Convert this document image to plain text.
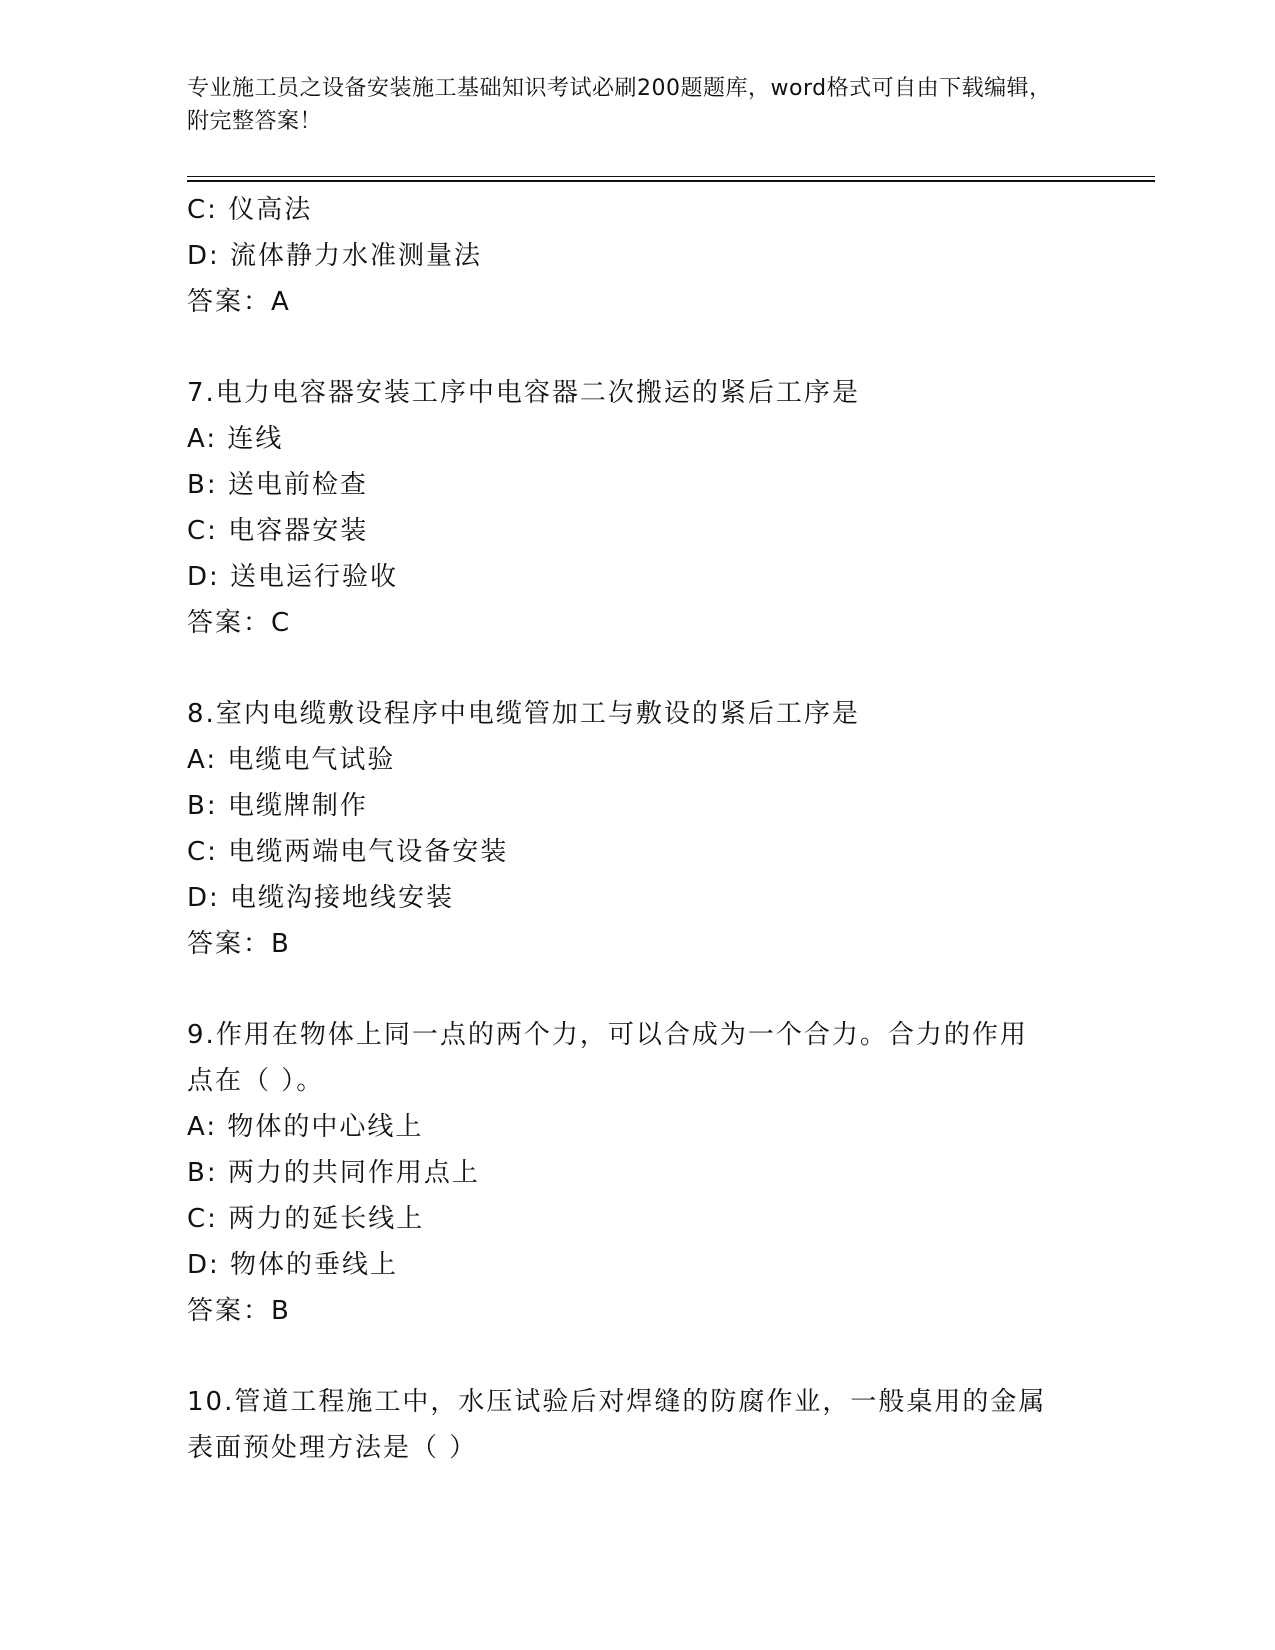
专业施工员之设备安装施工基础知识考试必刷200题题库，word格式可自由下载编辑，附完整答案！
C: 仪高法
D: 流体静力水准测量法
答案：A
7.电力电容器安装工序中电容器二次搬运的紧后工序是
A: 连线
B: 送电前检查
C: 电容器安装
D: 送电运行验收
答案：C
8.室内电缆敷设程序中电缆管加工与敷设的紧后工序是
A: 电缆电气试验
B: 电缆牌制作
C: 电缆两端电气设备安装
D: 电缆沟接地线安装
答案：B
9.作用在物体上同一点的两个力，可以合成为一个合力。合力的作用点在（ ）。
A: 物体的中心线上
B: 两力的共同作用点上
C: 两力的延长线上
D: 物体的垂线上
答案：B
10.管道工程施工中，水压试验后对焊缝的防腐作业，一般桌用的金属表面预处理方法是（ ）
